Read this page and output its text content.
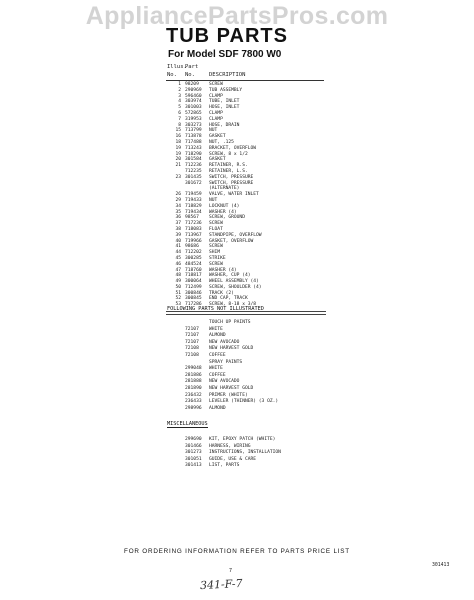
AppliancePartsPros.com
TUB PARTS
For Model SDF 7800 W0
Illus.
Part
No. No.	DESCRIPTION
1 98209 SCREW
2 290969 TUB ASSEMBLY
3 596460 CLAMP
4 303974 TUBE, INLET
5 301003 HOSE, INLET
6 572865 CLAMP
7 319953 CLAMP
8 303273 HOSE, DRAIN
15 713799 NUT
16 713878 GASKET
18 717488 NUT, .125
19 713243 BRACKET, OVERFLOW
19 718290 SCREW, 8 x 1/2
20 301584 GASKET
21 712236 RETAINER, R.S.
712235 RETAINER, L.S.
23 301435 SWITCH, PRESSURE
301672 SWITCH, PRESSURE
(ALTERNATE)
26 719459 VALVE, WATER INLET
29 719433 NUT
34 718829 LOCKNUT (4)
35 719434 WASHER (4)
36 98567 SCREW, GROUND
37 717236 SCREW
38 718083 FLOAT
39 713967 STANDPIPE, OVERFLOW
40 719966 GASKET, OVERFLOW
41 98686 SCREW
44 712202 SHIM
45 300285 STRIKE
46 484524 SCREW
47 718760 WASHER (4)
48 718817 WASHER, CUP (4)
49 300064 WHEEL ASSEMBLY (4)
50 712499 SCREW, SHOULDER (4)
51 300846 TRACK (2)
52 300845 END CAP, TRACK
53 717286 SCREW, 8-18 x 3/8
FOLLOWING PARTS NOT ILLUSTRATED
TOUCH UP PAINTS
72107 WHITE
72107 ALMOND
72107 NEW AVOCADO
72108 NEW HARVEST GOLD
72108 COFFEE
SPRAY PAINTS
299048 WHITE
281886 COFFEE
281888 NEW AVOCADO
281890 NEW HARVEST GOLD
236432 PRIMER (WHITE)
236433 LEVELER (THINNER) (3 OZ.)
298996 ALMOND
MISCELLANEOUS
299690 KIT, EPOXY PATCH (WHITE)
301466 HARNESS, WIRING
301273 INSTRUCTIONS, INSTALLATION
301051 GUIDE, USE & CARE
301413 LIST, PARTS
FOR ORDERING INFORMATION REFER TO PARTS PRICE LIST
7
301413
341-F-7
